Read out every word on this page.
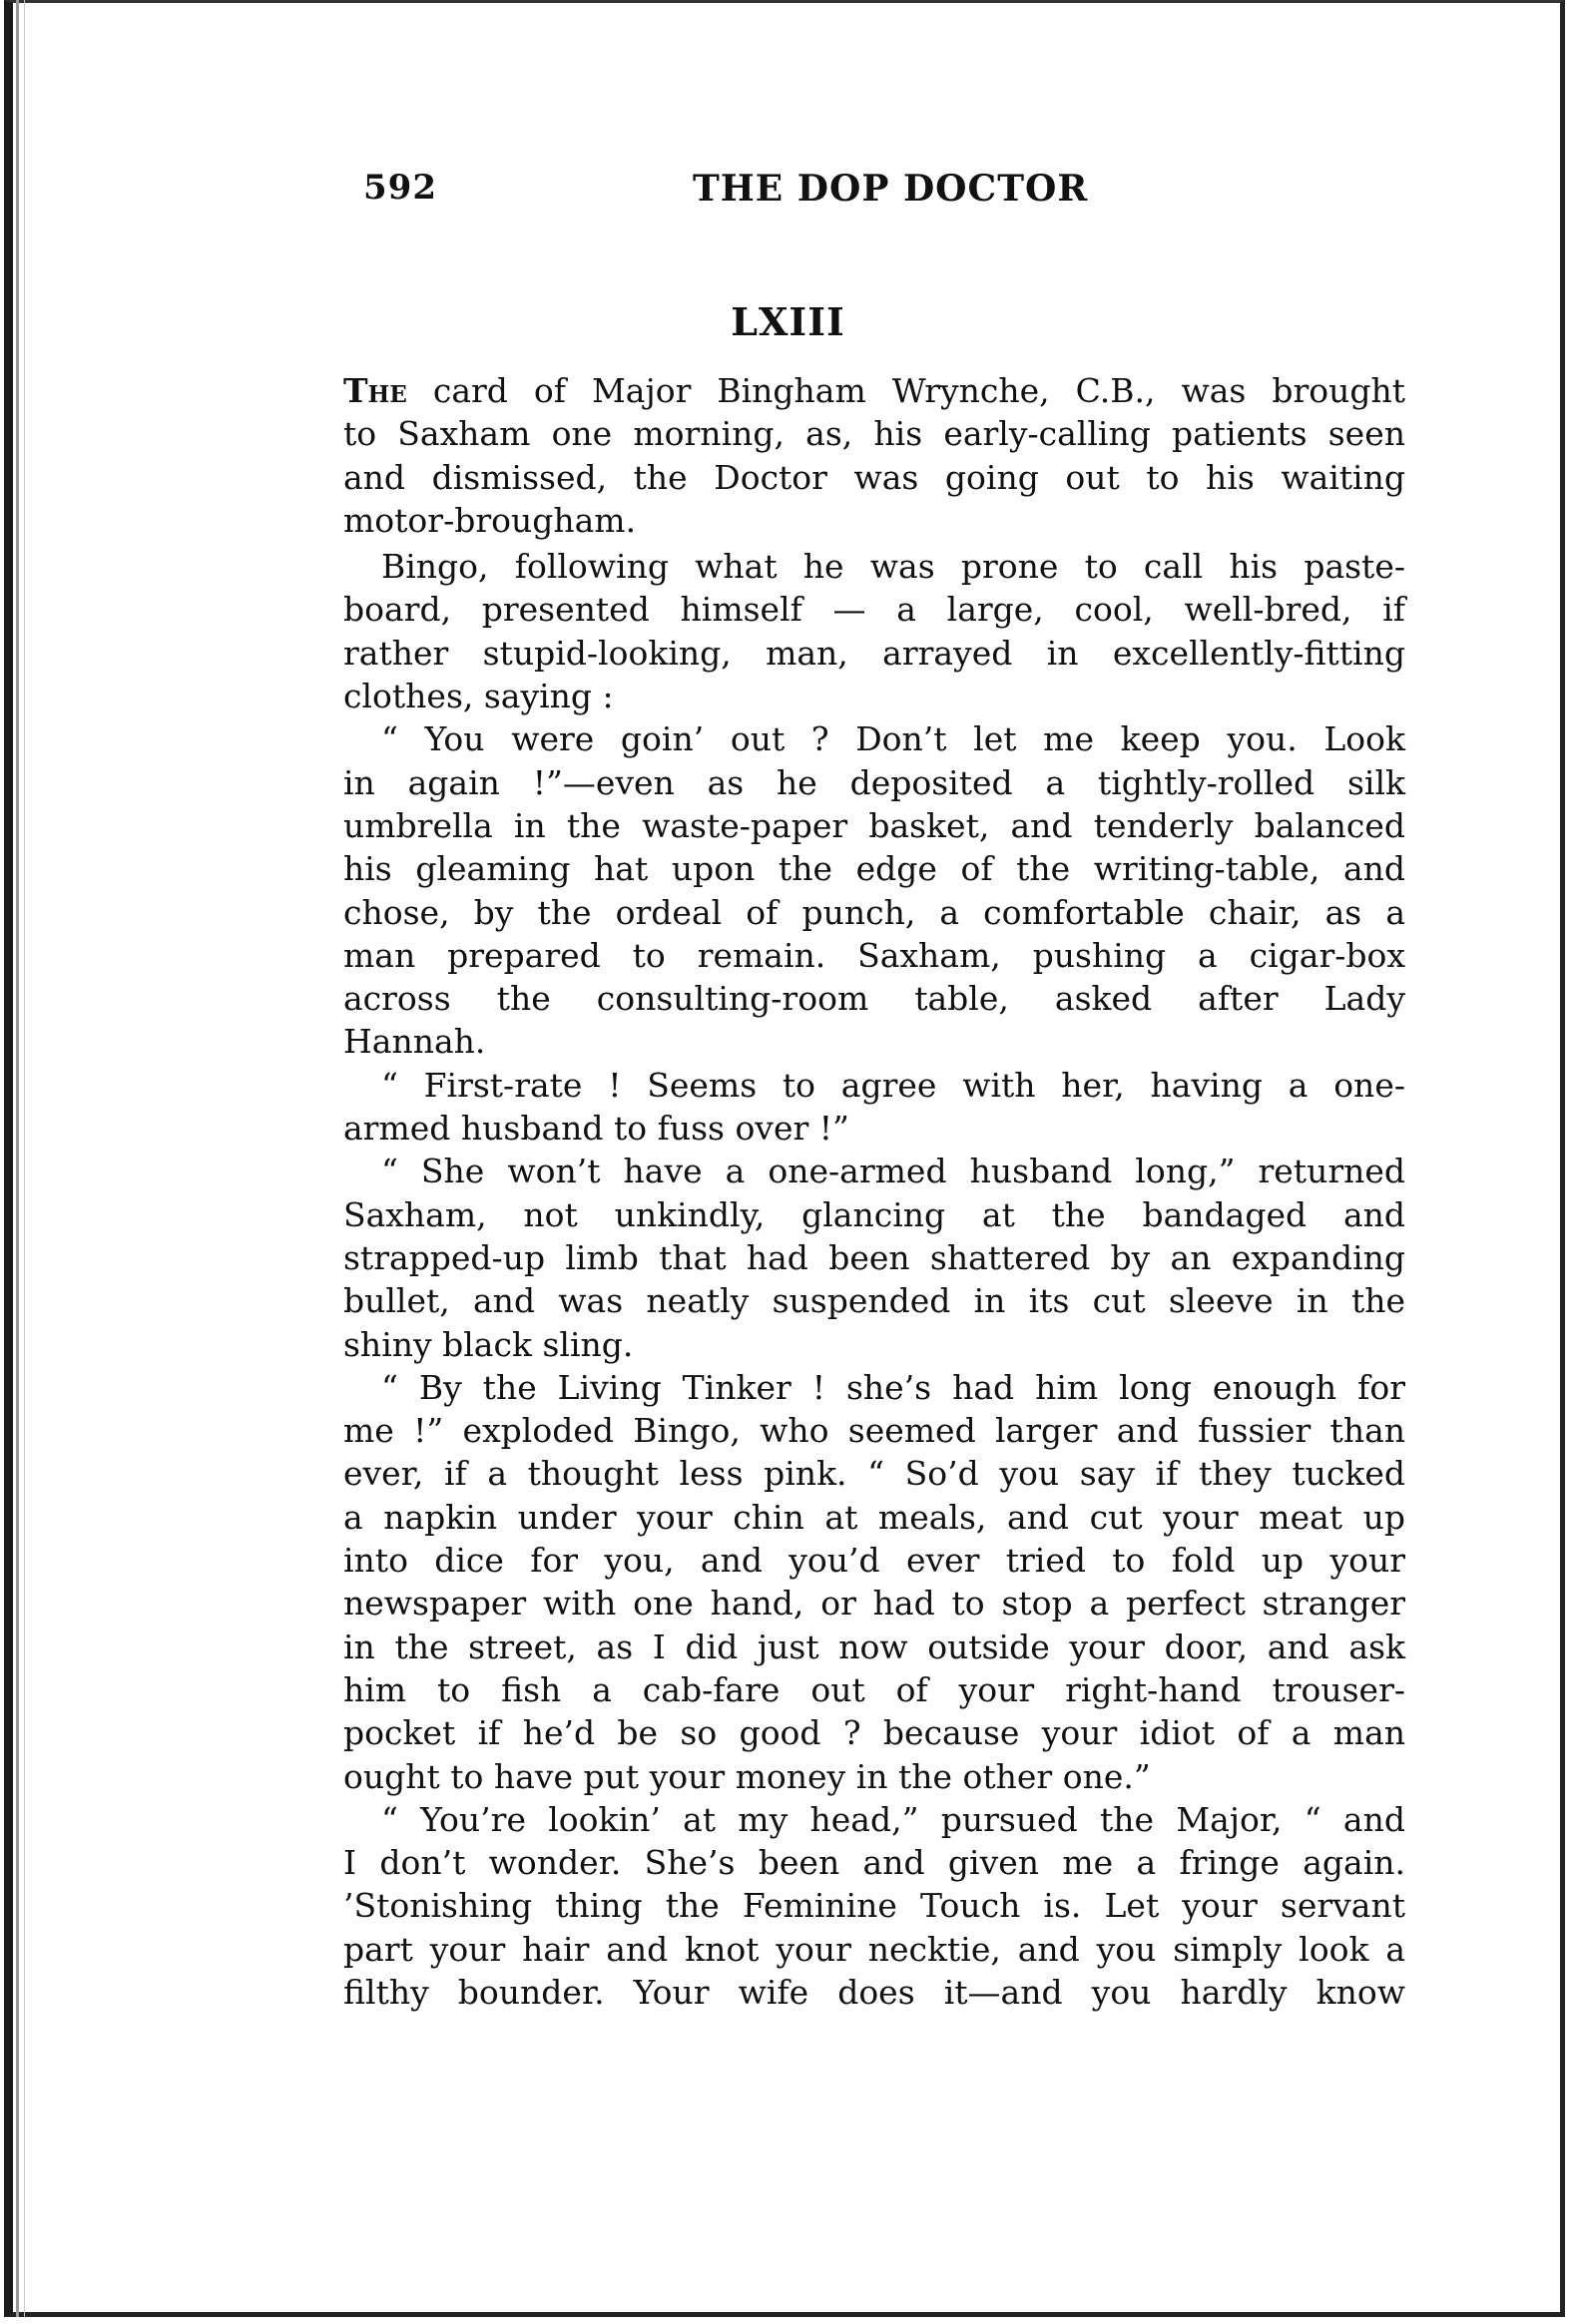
592	THE DOP DOCTOR
LXIII
The card of Major Bingham Wrynche, C.B., was brought
to Saxham one morning, as, his early-calling patients seen
and dismissed, the Doctor was going out to his waiting
motor-brougham.
Bingo, following what he was prone to call his paste-
board, presented himself — a large, cool, well-bred, if
rather stupid-looking, man, arrayed in excellently-fitting
clothes, saying :
“ You were goin’ out ? Don’t let me keep you. Look
in again !”—even as he deposited a tightly-rolled silk
umbrella in the waste-paper basket, and tenderly balanced
his gleaming hat upon the edge of the writing-table, and
chose, by the ordeal of punch, a comfortable chair, as a
man prepared to remain. Saxham, pushing a cigar-box
across the consulting-room table, asked after Lady
Hannah.
“ First-rate ! Seems to agree with her, having a one-
armed husband to fuss over !”
“ She won’t have a one-armed husband long,” returned
Saxham, not unkindly, glancing at the bandaged and
strapped-up limb that had been shattered by an expanding
bullet, and was neatly suspended in its cut sleeve in the
shiny black sling.
“ By the Living Tinker ! she’s had him long enough for
me !” exploded Bingo, who seemed larger and fussier than
ever, if a thought less pink. “ So’d you say if they tucked
a napkin under your chin at meals, and cut your meat up
into dice for you, and you’d ever tried to fold up your
newspaper with one hand, or had to stop a perfect stranger
in the street, as I did just now outside your door, and ask
him to fish a cab-fare out of your right-hand trouser-
pocket if he’d be so good ? because your idiot of a man
ought to have put your money in the other one.”
“ You’re lookin’ at my head,” pursued the Major, “ and
I don’t wonder. She’s been and given me a fringe again.
’Stonishing thing the Feminine Touch is. Let your servant
part your hair and knot your necktie, and you simply look a
filthy bounder. Your wife does it—and you hardly know
